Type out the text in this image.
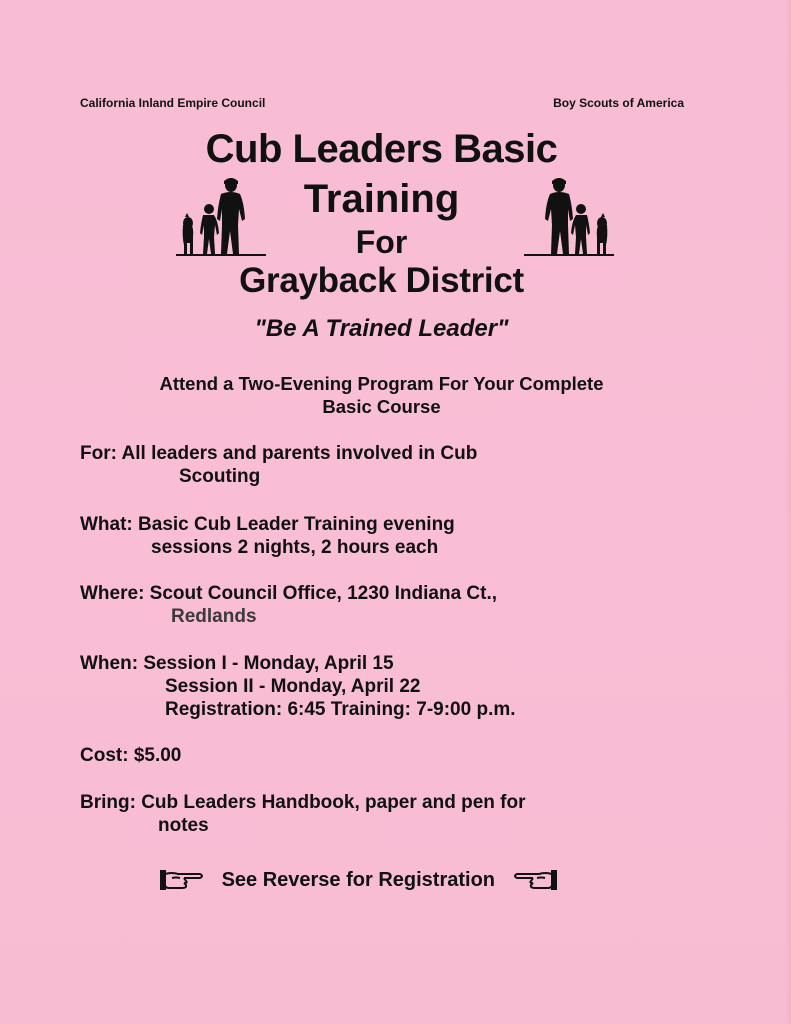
California Inland Empire Council	Boy Scouts of America
Cub Leaders Basic
Training
For
Grayback District
"Be A Trained Leader"
Attend a Two-Evening Program For Your Complete
Basic Course
For: All leaders and parents involved in Cub
Scouting
What: Basic Cub Leader Training evening
sessions 2 nights, 2 hours each
Where: Scout Council Office, 1230 Indiana Ct.,
Redlands
When: Session I - Monday, April 15
Session II - Monday, April 22
Registration: 6:45 Training: 7-9:00 p.m.
Cost: $5.00
Bring: Cub Leaders Handbook, paper and pen for
notes
See Reverse for Registration
